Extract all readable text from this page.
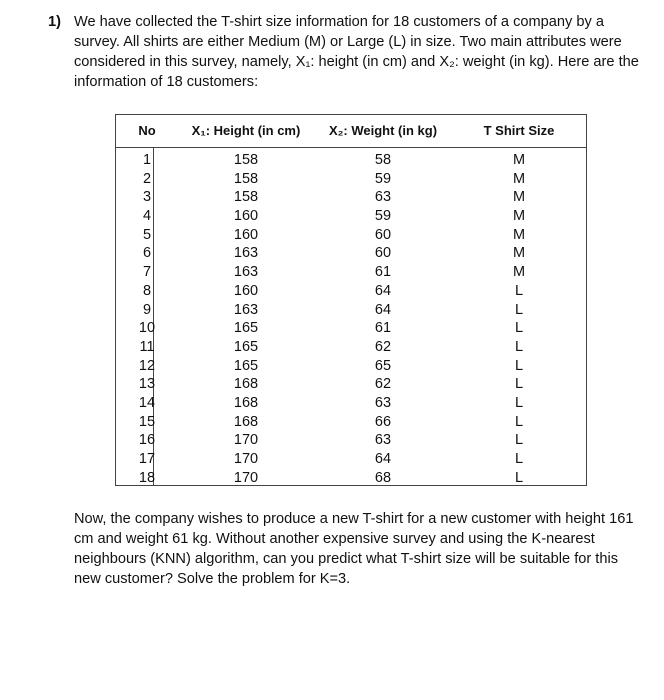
1) We have collected the T-shirt size information for 18 customers of a company by a survey. All shirts are either Medium (M) or Large (L) in size. Two main attributes were considered in this survey, namely, X₁: height (in cm) and X₂: weight (in kg). Here are the information of 18 customers:
No	X₁: Height (in cm)	X₂: Weight (in kg)	T Shirt Size
1	158	58	M
2	158	59	M
3	158	63	M
4	160	59	M
5	160	60	M
6	163	60	M
7	163	61	M
8	160	64	L
9	163	64	L
10	165	61	L
11	165	62	L
12	165	65	L
13	168	62	L
14	168	63	L
15	168	66	L
16	170	63	L
17	170	64	L
18	170	68	L
Now, the company wishes to produce a new T-shirt for a new customer with height 161 cm and weight 61 kg. Without another expensive survey and using the K-nearest neighbours (KNN) algorithm, can you predict what T-shirt size will be suitable for this new customer? Solve the problem for K=3.
